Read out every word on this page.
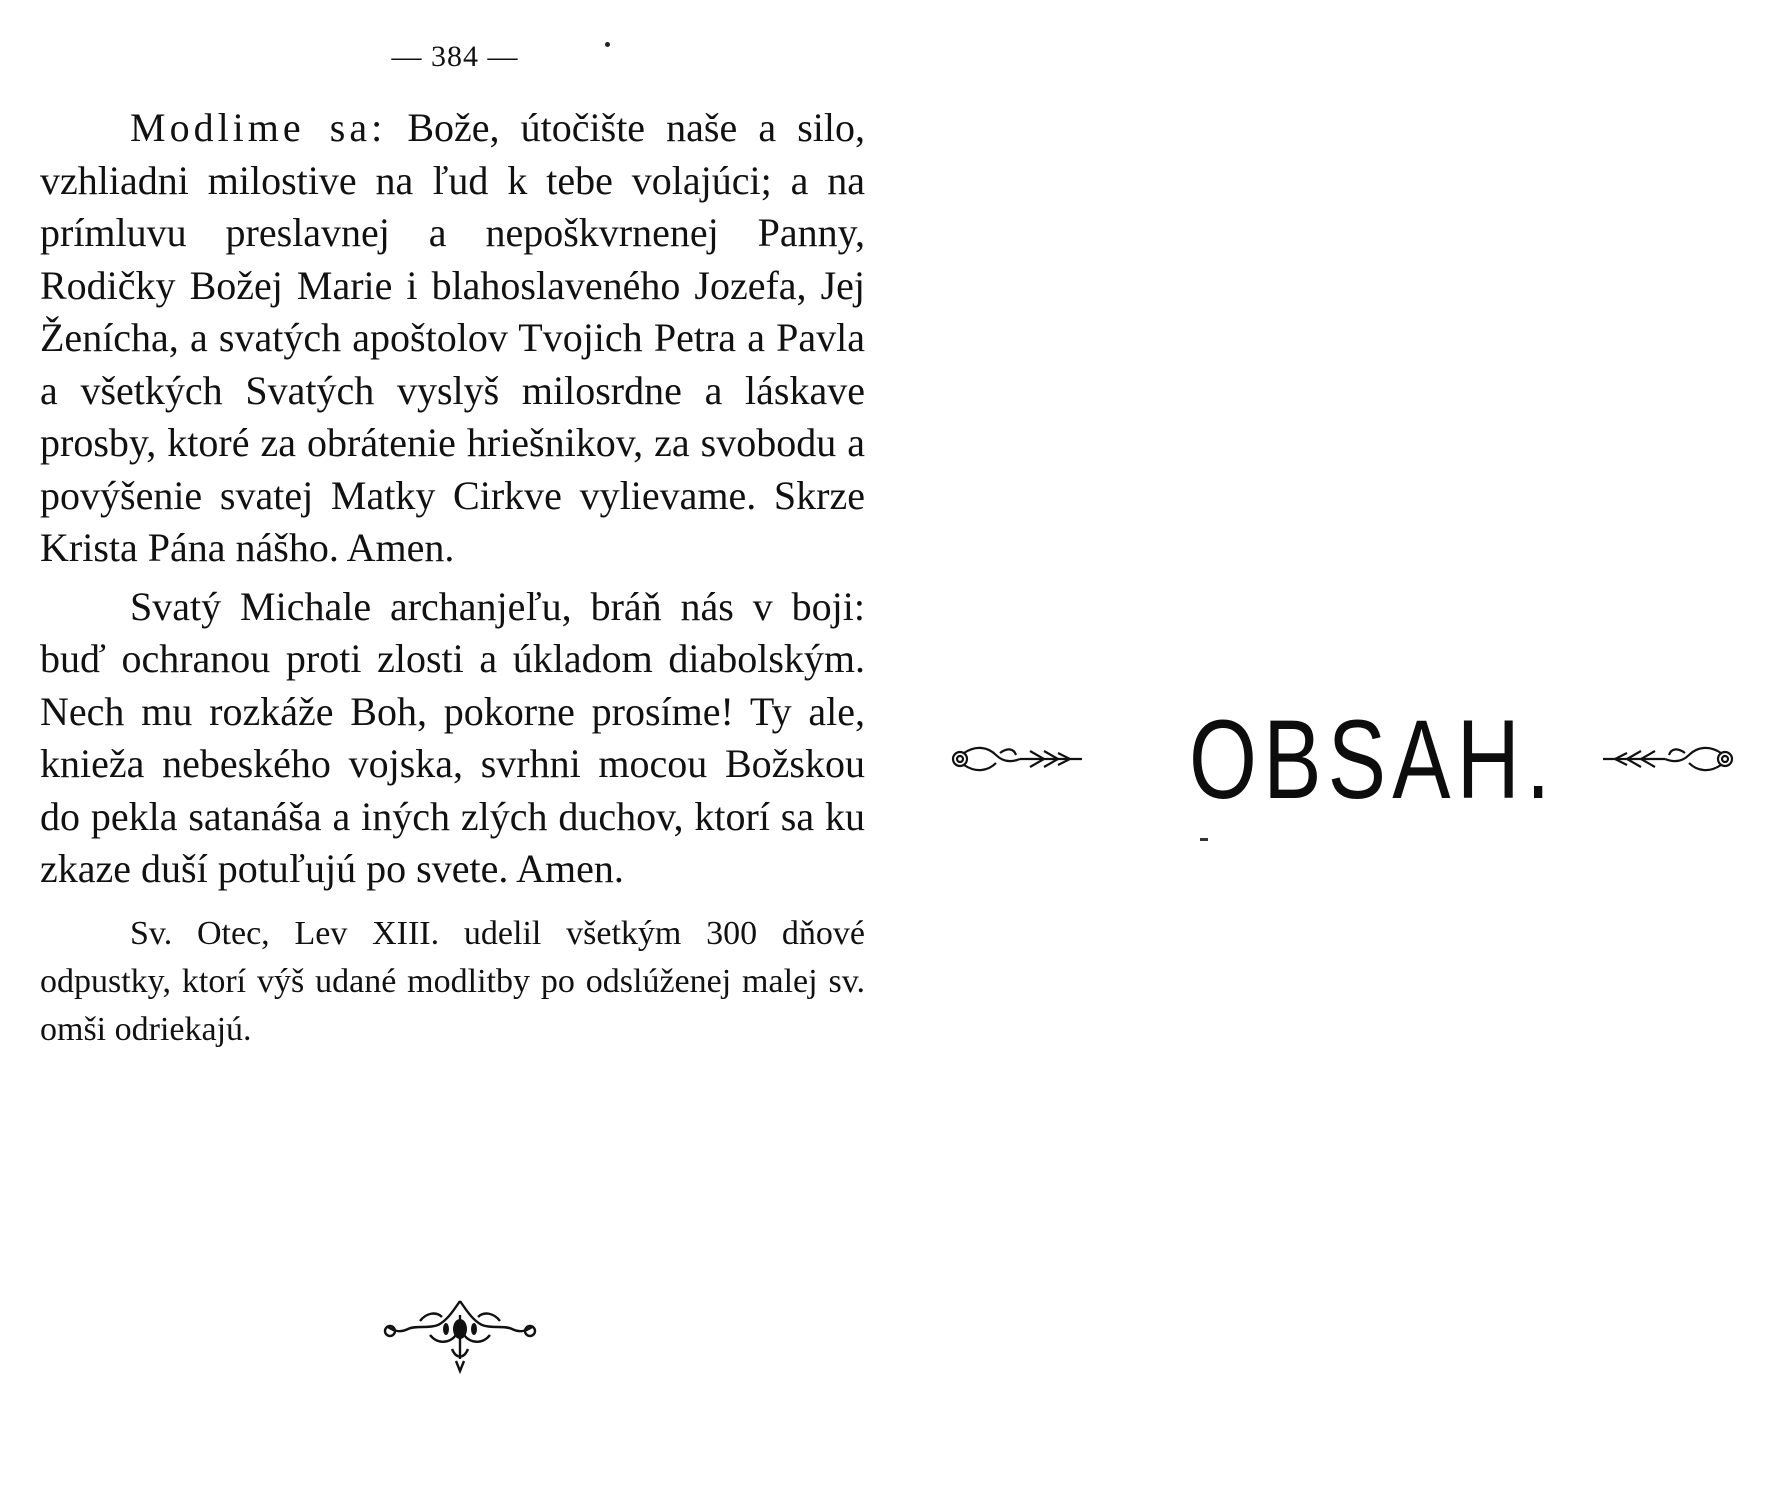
— 384 —

Modlime sa: Bože, útočište naše a silo, vzhliadni milostive na ľud k tebe volajúci; a na prímluvu preslavnej a nepoškvrnenej Panny, Rodičky Božej Marie i blahoslaveného Jozefa, Jej Ženícha, a svatých apoštolov Tvojich Petra a Pavla a všetkých Svatých vyslyš milosrdne a láskave prosby, ktoré za obrátenie hriešnikov, za svobodu a povýšenie svatej Matky Cirkve vylievame. Skrze Krista Pána nášho. Amen.

Svatý Michale archanjeľu, bráň nás v boji: buď ochranou proti zlosti a úkladom diabolským. Nech mu rozkáže Boh, pokorne prosíme! Ty ale, knieža nebeského vojska, svrhni mocou Božskou do pekla satanáša a iných zlých duchov, ktorí sa ku zkaze duší potuľujú po svete. Amen.

Sv. Otec, Lev XIII. udelil všetkým 300 dňové odpustky, ktorí výš udané modlitby po odslúženej malej sv. omši odriekajú.

OBSAH.
